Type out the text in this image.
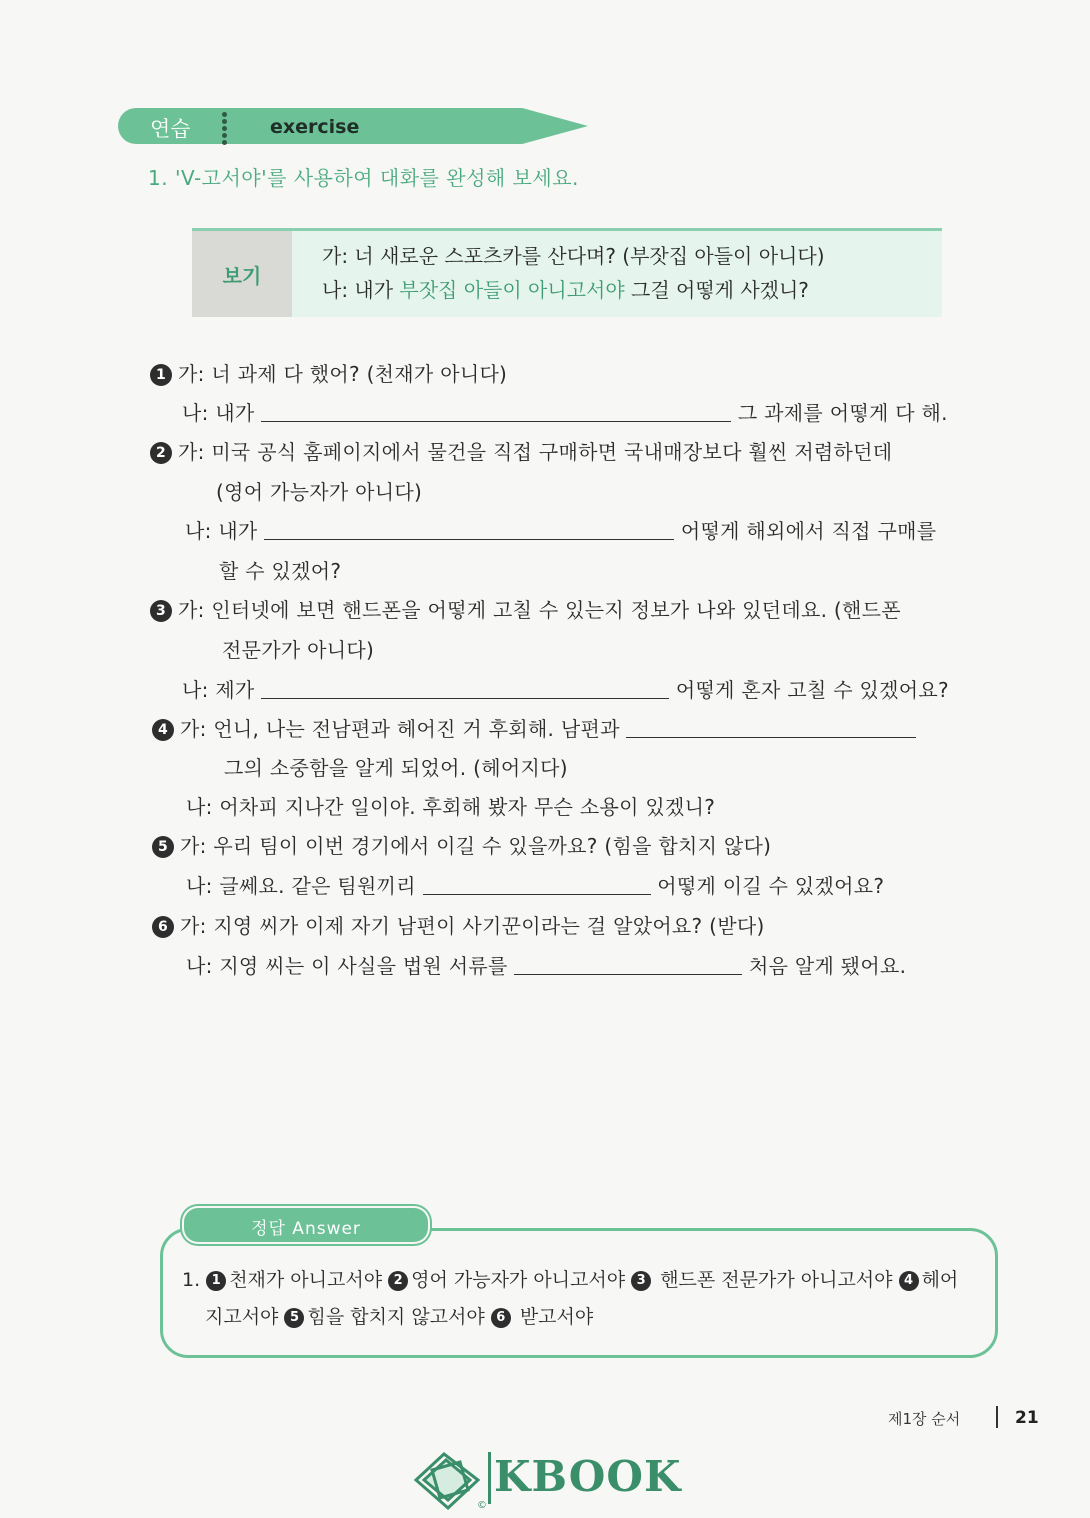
연습	exercise
1. 'V-고서야'를 사용하여 대화를 완성해 보세요.
보기
가: 너 새로운 스포츠카를 산다며? (부잣집 아들이 아니다)
나: 내가 부잣집 아들이 아니고서야 그걸 어떻게 사겠니?
1 가: 너 과제 다 했어? (천재가 아니다)
나: 내가	그 과제를 어떻게 다 해.
2 가: 미국 공식 홈페이지에서 물건을 직접 구매하면 국내매장보다 훨씬 저렴하던데
(영어 가능자가 아니다)
나: 내가	어떻게 해외에서 직접 구매를
할 수 있겠어?
3 가: 인터넷에 보면 핸드폰을 어떻게 고칠 수 있는지 정보가 나와 있던데요. (핸드폰
전문가가 아니다)
나: 제가	어떻게 혼자 고칠 수 있겠어요?
4 가: 언니, 나는 전남편과 헤어진 거 후회해. 남편과
그의 소중함을 알게 되었어. (헤어지다)
나: 어차피 지나간 일이야. 후회해 봤자 무슨 소용이 있겠니?
5 가: 우리 팀이 이번 경기에서 이길 수 있을까요? (힘을 합치지 않다)
나: 글쎄요. 같은 팀원끼리	어떻게 이길 수 있겠어요?
6 가: 지영 씨가 이제 자기 남편이 사기꾼이라는 걸 알았어요? (받다)
나: 지영 씨는 이 사실을 법원 서류를	처음 알게 됐어요.
정답 Answer
1. 1 천재가 아니고서야 2 영어 가능자가 아니고서야 3 핸드폰 전문가가 아니고서야 4 헤어
지고서야 5 힘을 합치지 않고서야 6 받고서야
제1장 순서	21
KBOOK
©
